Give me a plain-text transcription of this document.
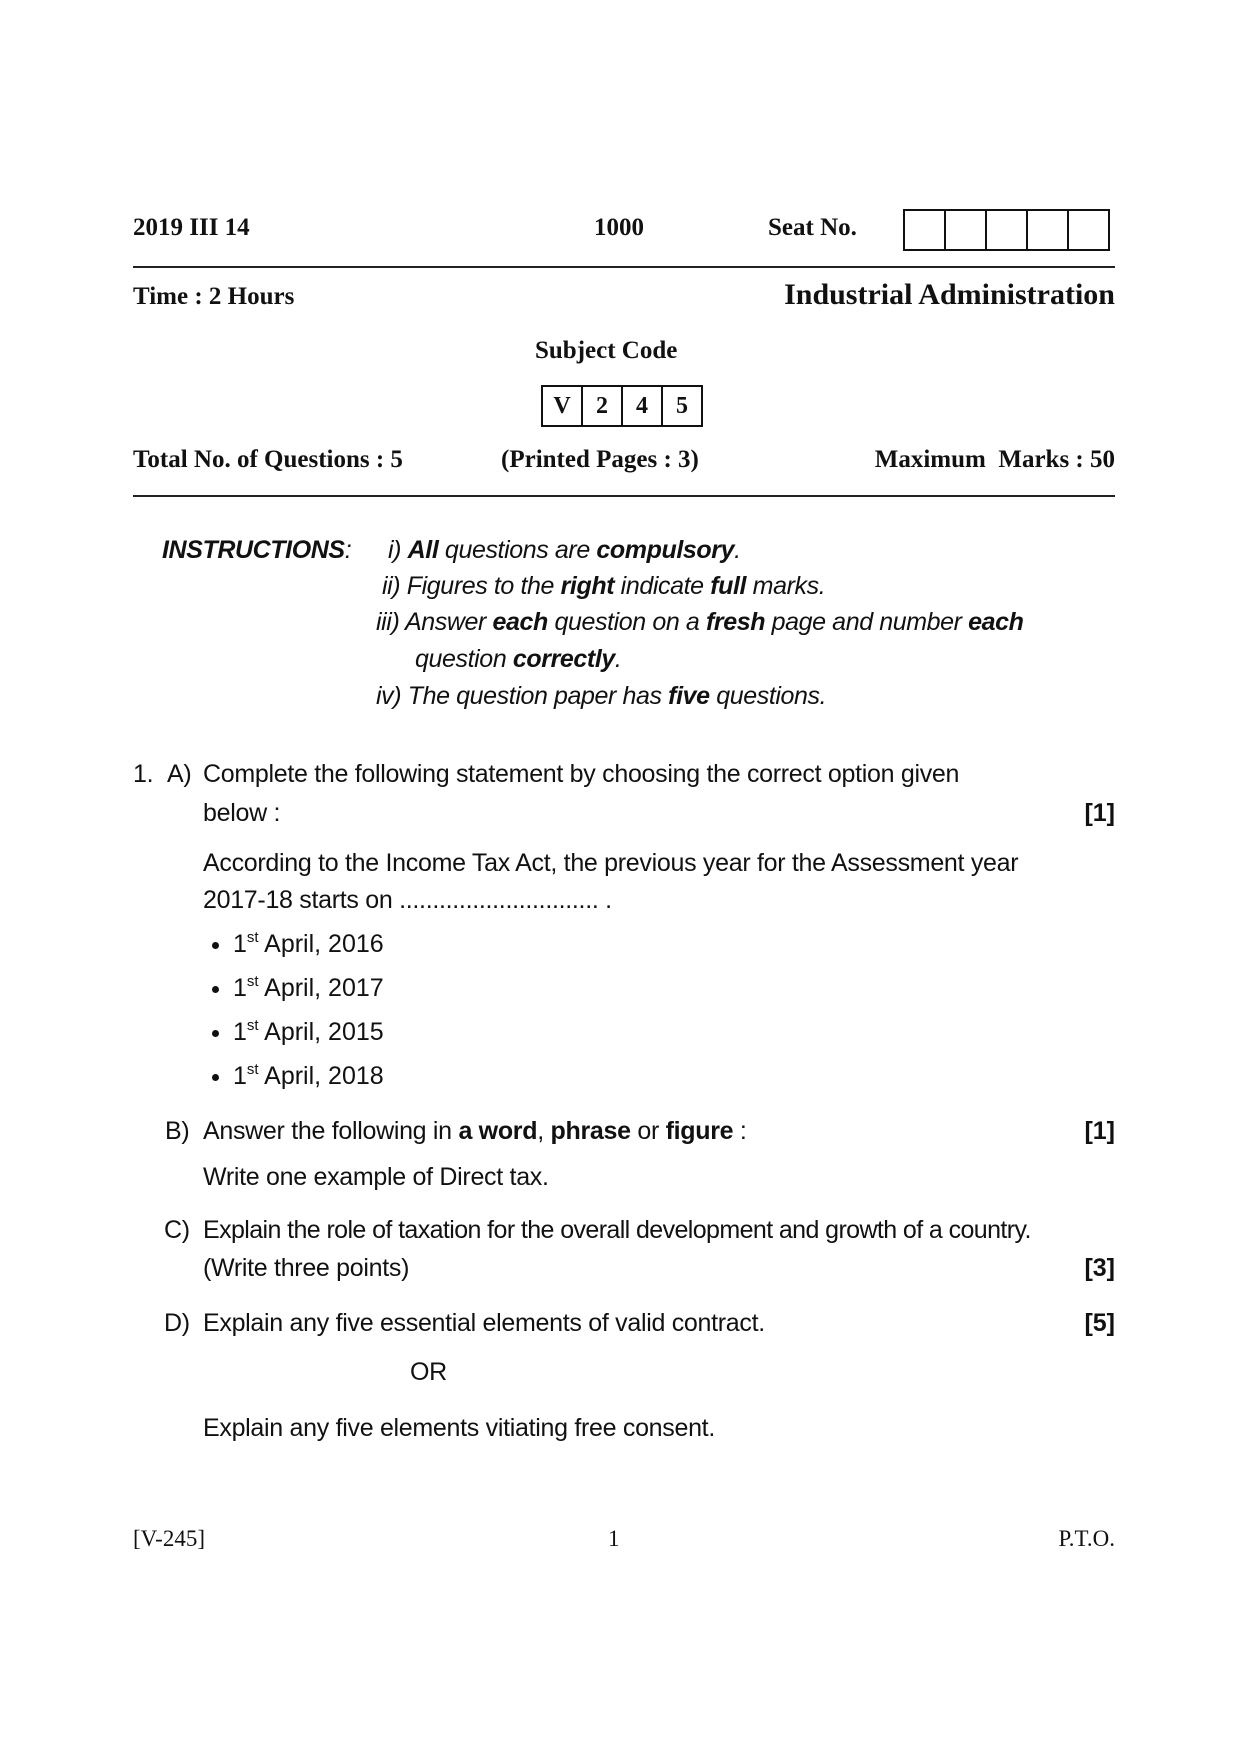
2019 III 14	1000	Seat No.
Time : 2 Hours	Industrial Administration
Subject Code
V	2	4	5
Total No. of Questions : 5	(Printed Pages : 3)	Maximum  Marks : 50
INSTRUCTIONS: i) All questions are compulsory.
ii) Figures to the right indicate full marks.
iii) Answer each question on a fresh page and number each
question correctly.
iv) The question paper has five questions.
1. A) Complete the following statement by choosing the correct option given
below :	[1]
According to the Income Tax Act, the previous year for the Assessment year
2017-18 starts on .............................. .
1st April, 2016
1st April, 2017
1st April, 2015
1st April, 2018
B) Answer the following in a word, phrase or figure :	[1]
Write one example of Direct tax.
C) Explain the role of taxation for the overall development and growth of a country.
(Write three points)	[3]
D) Explain any five essential elements of valid contract.	[5]
OR
Explain any five elements vitiating free consent.
[V-245]	1	P.T.O.
